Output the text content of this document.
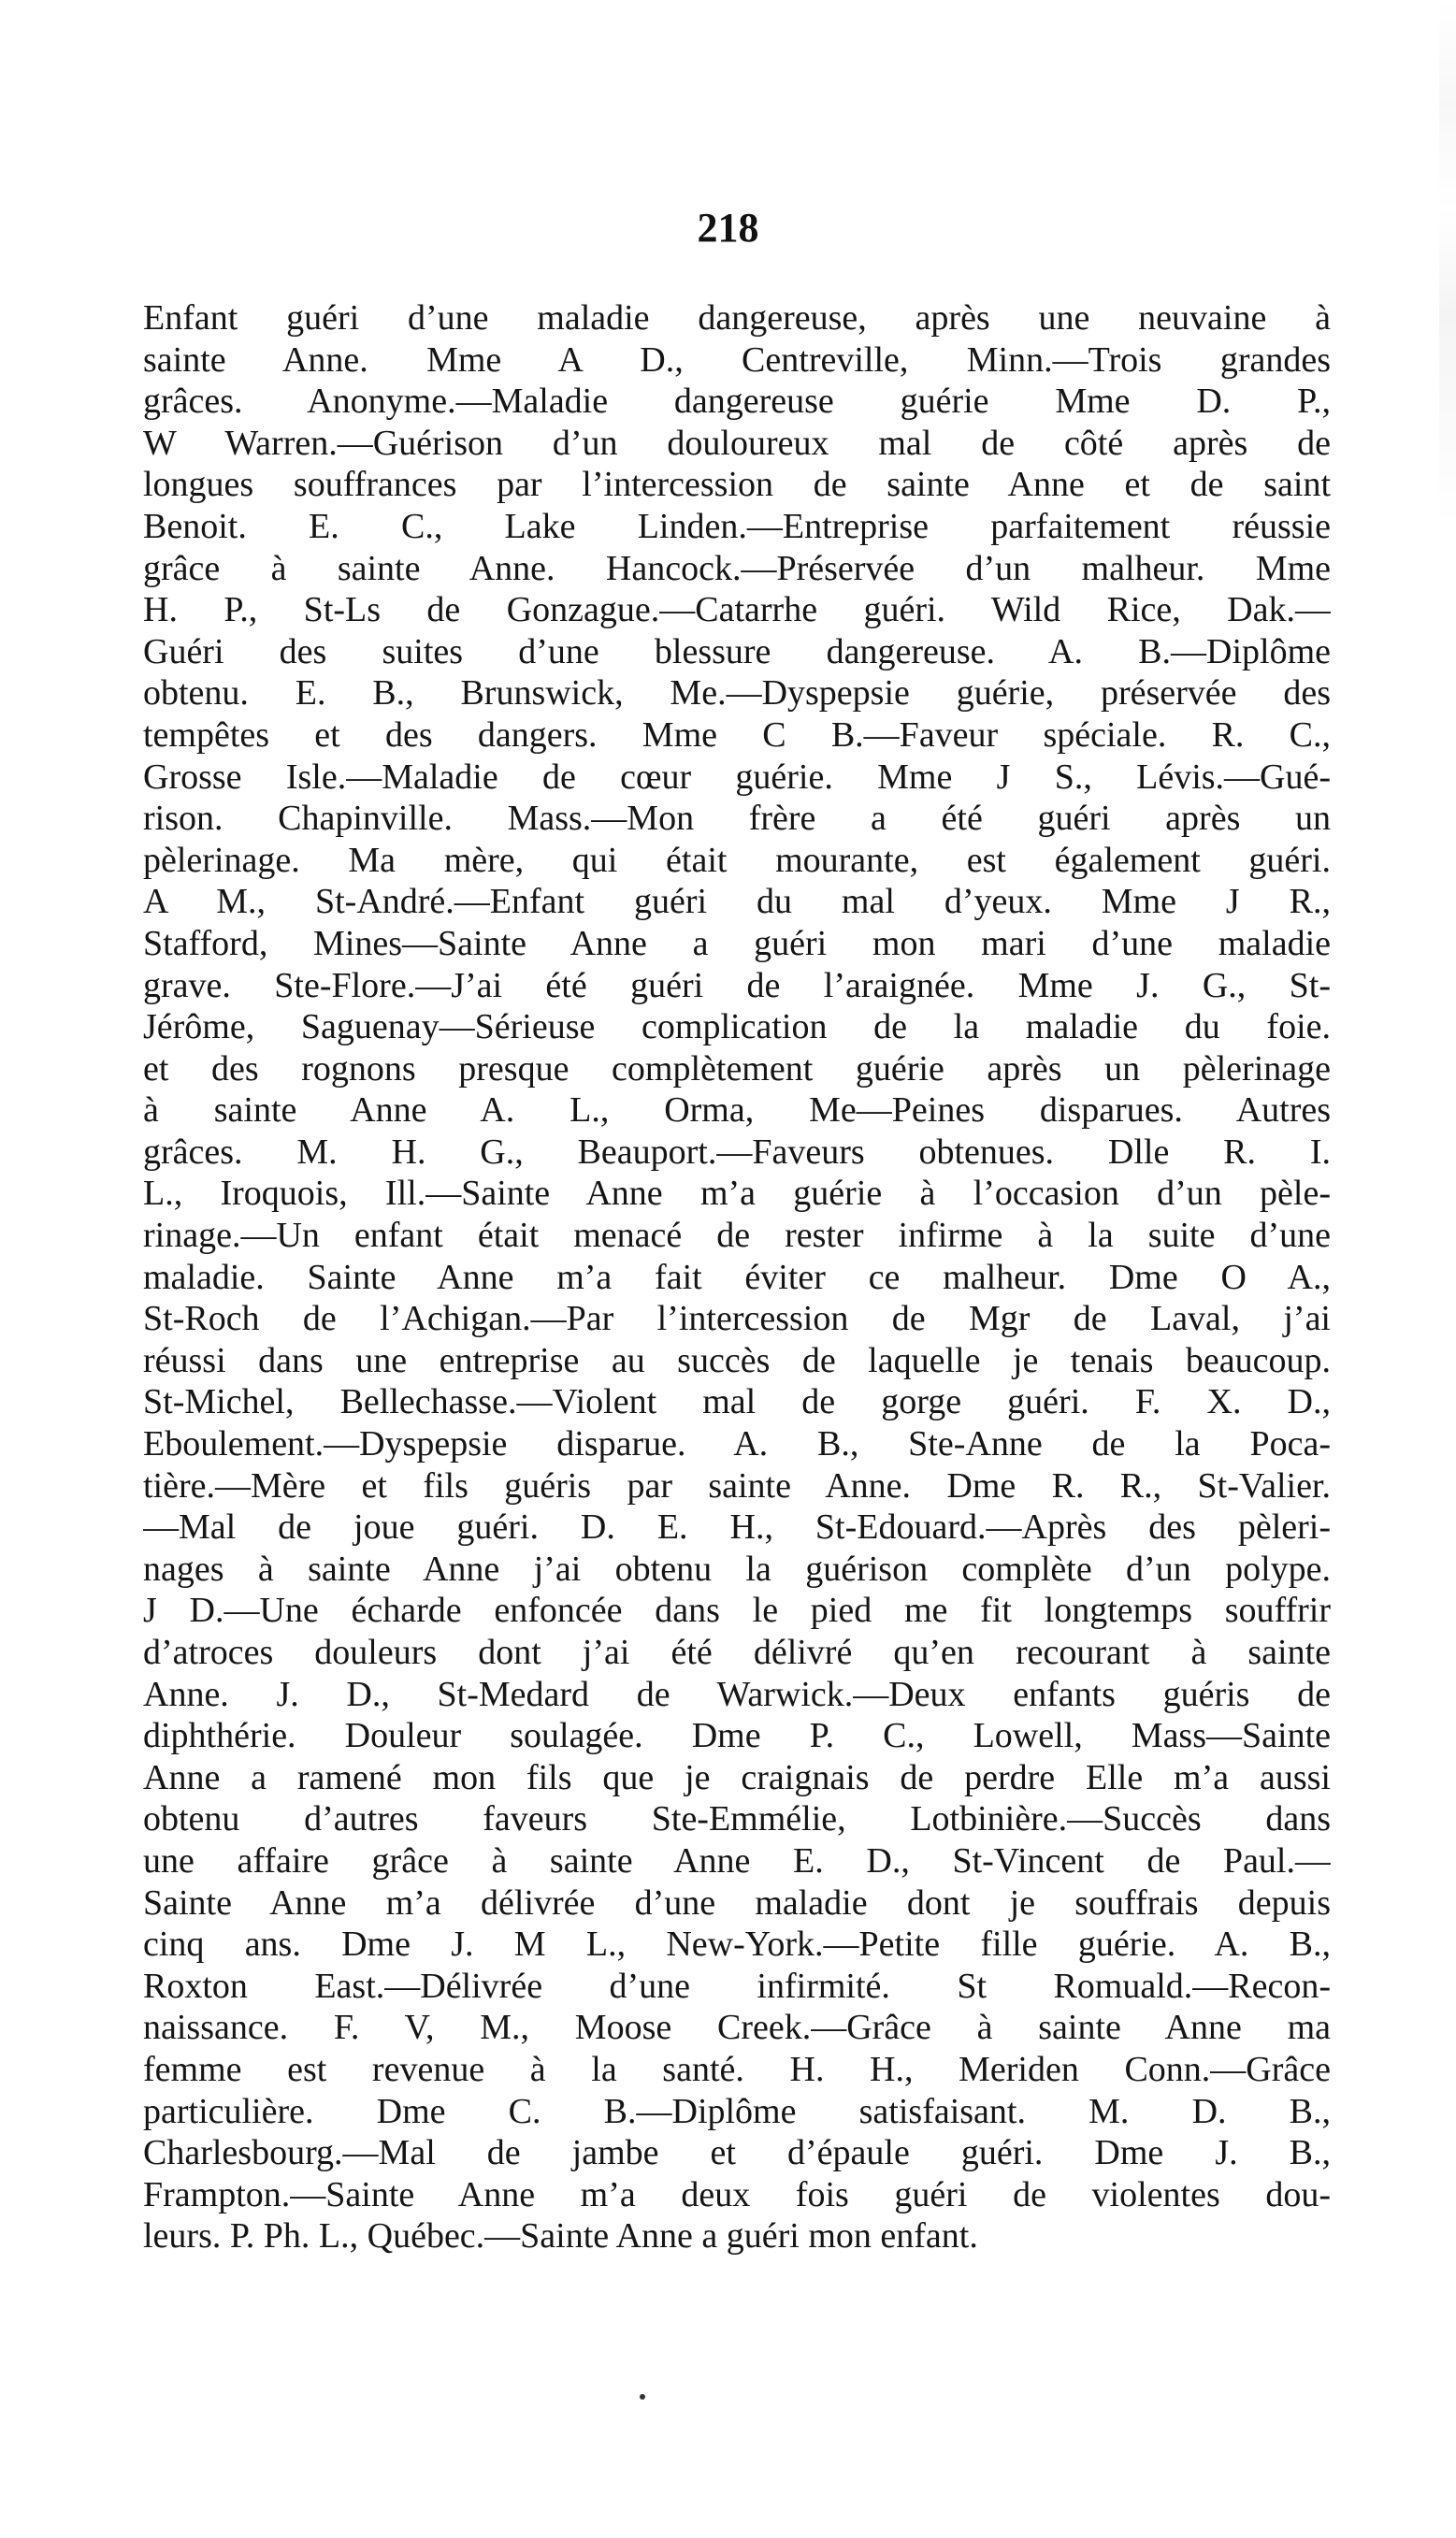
218
Enfant guéri d’une maladie dangereuse, après une neuvaine à
sainte Anne. Mme A D., Centreville, Minn.—Trois grandes
grâces. Anonyme.—Maladie dangereuse guérie Mme D. P.,
W Warren.—Guérison d’un douloureux mal de côté après de
longues souffrances par l’intercession de sainte Anne et de saint
Benoit. E. C., Lake Linden.—Entreprise parfaitement réussie
grâce à sainte Anne. Hancock.—Préservée d’un malheur. Mme
H. P., St-Ls de Gonzague.—Catarrhe guéri. Wild Rice, Dak.—
Guéri des suites d’une blessure dangereuse. A. B.—Diplôme
obtenu. E. B., Brunswick, Me.—Dyspepsie guérie, préservée des
tempêtes et des dangers. Mme C B.—Faveur spéciale. R. C.,
Grosse Isle.—Maladie de cœur guérie. Mme J S., Lévis.—Gué-
rison. Chapinville. Mass.—Mon frère a été guéri après un
pèlerinage. Ma mère, qui était mourante, est également guéri.
A M., St-André.—Enfant guéri du mal d’yeux. Mme J R.,
Stafford, Mines—Sainte Anne a guéri mon mari d’une maladie
grave. Ste-Flore.—J’ai été guéri de l’araignée. Mme J. G., St-
Jérôme, Saguenay—Sérieuse complication de la maladie du foie.
et des rognons presque complètement guérie après un pèlerinage
à sainte Anne A. L., Orma, Me—Peines disparues. Autres
grâces. M. H. G., Beauport.—Faveurs obtenues. Dlle R. I.
L., Iroquois, Ill.—Sainte Anne m’a guérie à l’occasion d’un pèle-
rinage.—Un enfant était menacé de rester infirme à la suite d’une
maladie. Sainte Anne m’a fait éviter ce malheur. Dme O A.,
St-Roch de l’Achigan.—Par l’intercession de Mgr de Laval, j’ai
réussi dans une entreprise au succès de laquelle je tenais beaucoup.
St-Michel, Bellechasse.—Violent mal de gorge guéri. F. X. D.,
Eboulement.—Dyspepsie disparue. A. B., Ste-Anne de la Poca-
tière.—Mère et fils guéris par sainte Anne. Dme R. R., St-Valier.
—Mal de joue guéri. D. E. H., St-Edouard.—Après des pèleri-
nages à sainte Anne j’ai obtenu la guérison complète d’un polype.
J D.—Une écharde enfoncée dans le pied me fit longtemps souffrir
d’atroces douleurs dont j’ai été délivré qu’en recourant à sainte
Anne. J. D., St-Medard de Warwick.—Deux enfants guéris de
diphthérie. Douleur soulagée. Dme P. C., Lowell, Mass—Sainte
Anne a ramené mon fils que je craignais de perdre Elle m’a aussi
obtenu d’autres faveurs Ste-Emmélie, Lotbinière.—Succès dans
une affaire grâce à sainte Anne E. D., St-Vincent de Paul.—
Sainte Anne m’a délivrée d’une maladie dont je souffrais depuis
cinq ans. Dme J. M L., New-York.—Petite fille guérie. A. B.,
Roxton East.—Délivrée d’une infirmité. St Romuald.—Recon-
naissance. F. V, M., Moose Creek.—Grâce à sainte Anne ma
femme est revenue à la santé. H. H., Meriden Conn.—Grâce
particulière. Dme C. B.—Diplôme satisfaisant. M. D. B.,
Charlesbourg.—Mal de jambe et d’épaule guéri. Dme J. B.,
Frampton.—Sainte Anne m’a deux fois guéri de violentes dou-
leurs. P. Ph. L., Québec.—Sainte Anne a guéri mon enfant.
